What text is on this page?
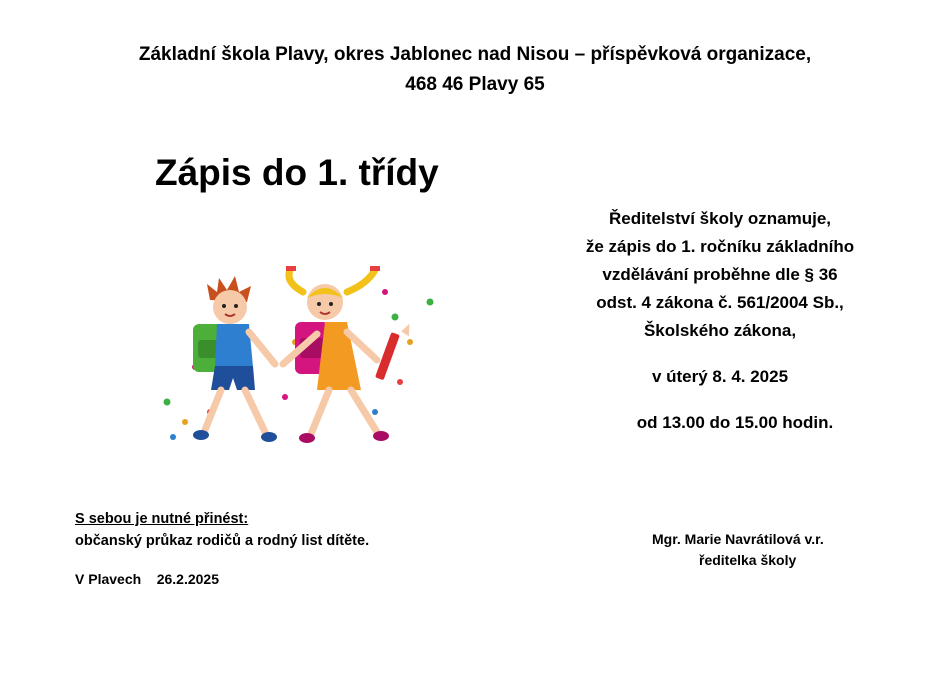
Základní škola Plavy, okres Jablonec nad Nisou – příspěvková organizace,
468 46 Plavy 65
Zápis do 1. třídy
Ředitelství školy oznamuje,
že zápis do 1. ročníku základního
vzdělávání proběhne dle § 36
odst. 4 zákona č. 561/2004 Sb.,
Školského zákona,
v úterý 8. 4. 2025
od 13.00 do 15.00 hodin.
S sebou je nutné přinést:
občanský průkaz rodičů a rodný list dítěte.
V Plavech 26.2.2025
Mgr. Marie Navrátilová v.r.
ředitelka školy
